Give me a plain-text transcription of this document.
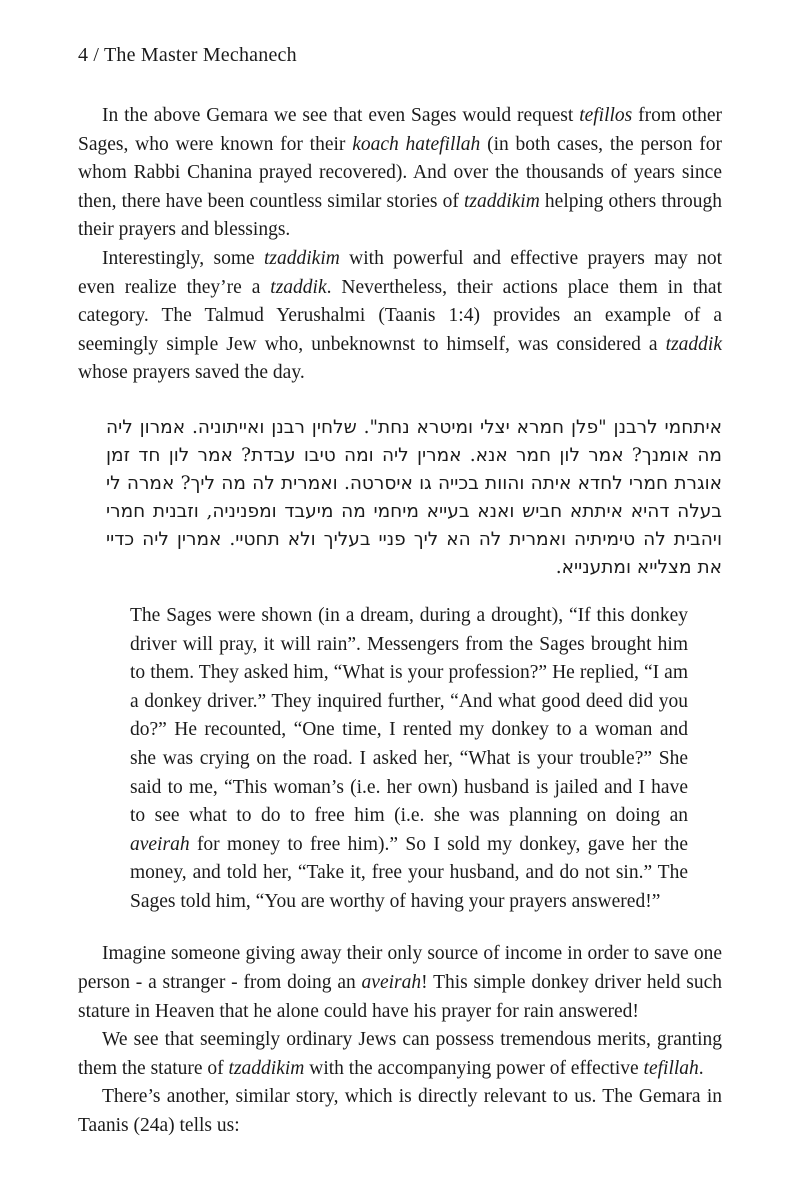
4 / The Master Mechanech

In the above Gemara we see that even Sages would request tefillos from other Sages, who were known for their koach hatefillah (in both cases, the person for whom Rabbi Chanina prayed recovered). And over the thousands of years since then, there have been countless similar stories of tzaddikim helping others through their prayers and blessings.

Interestingly, some tzaddikim with powerful and effective prayers may not even realize they’re a tzaddik. Nevertheless, their actions place them in that category. The Talmud Yerushalmi (Taanis 1:4) provides an example of a seemingly simple Jew who, unbeknownst to himself, was considered a tzaddik whose prayers saved the day.

איתחמי לרבנן "פלן חמרא יצלי ומיטרא נחת". שלחין רבנן ואייתוניה. אמרון ליה מה אומנך? אמר לון חמר אנא. אמרין ליה ומה טיבו עבדת? אמר לון חד זמן אוגרת חמרי לחדא איתה והוות בכייה גו איסרטה. ואמרית לה מה ליך? אמרה לי בעלה דהיא איתתא חביש ואנא בעייא מיחמי מה מיעבד ומפניניה, וזבנית חמרי ויהבית לה טימיתיה ואמרית לה הא ליך פניי בעליך ולא תחטיי. אמרין ליה כדיי את מצלייא ומתענייא.
The Sages were shown (in a dream, during a drought), “If this donkey driver will pray, it will rain”. Messengers from the Sages brought him to them. They asked him, “What is your profession?” He replied, “I am a donkey driver.” They inquired further, “And what good deed did you do?” He recounted, “One time, I rented my donkey to a woman and she was crying on the road. I asked her, “What is your trouble?” She said to me, “This woman’s (i.e. her own) husband is jailed and I have to see what to do to free him (i.e. she was planning on doing an aveirah for money to free him).” So I sold my donkey, gave her the money, and told her, “Take it, free your husband, and do not sin.” The Sages told him, “You are worthy of having your prayers answered!”

Imagine someone giving away their only source of income in order to save one person - a stranger - from doing an aveirah! This simple donkey driver held such stature in Heaven that he alone could have his prayer for rain answered!

We see that seemingly ordinary Jews can possess tremendous merits, granting them the stature of tzaddikim with the accompanying power of effective tefillah.

There’s another, similar story, which is directly relevant to us. The Gemara in Taanis (24a) tells us:
